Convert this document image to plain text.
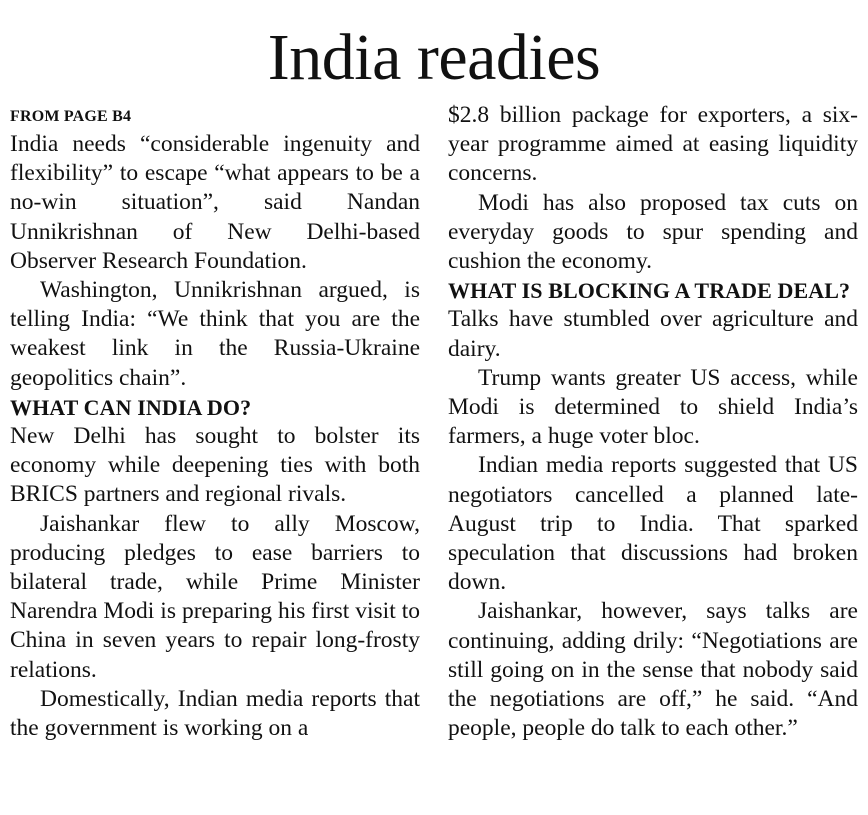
India readies
FROM PAGE B4

India needs “considerable ingenuity and flexibility” to escape “what appears to be a no-win situation”, said Nandan Unnikrishnan of New Delhi-based Observer Research Foundation.

Washington, Unnikrishnan argued, is telling India: “We think that you are the weakest link in the Russia-Ukraine geopolitics chain”.

WHAT CAN INDIA DO?

New Delhi has sought to bolster its economy while deepening ties with both BRICS partners and regional rivals.

Jaishankar flew to ally Moscow, producing pledges to ease barriers to bilateral trade, while Prime Minister Narendra Modi is preparing his first visit to China in seven years to repair long-frosty relations.

Domestically, Indian media reports that the government is working on a

$2.8 billion package for exporters, a six-year programme aimed at easing liquidity concerns.

Modi has also proposed tax cuts on everyday goods to spur spending and cushion the economy.

WHAT IS BLOCKING A TRADE DEAL?

Talks have stumbled over agriculture and dairy.

Trump wants greater US access, while Modi is determined to shield India’s farmers, a huge voter bloc.

Indian media reports suggested that US negotiators cancelled a planned late-August trip to India. That sparked speculation that discussions had broken down.

Jaishankar, however, says talks are continuing, adding drily: “Negotiations are still going on in the sense that nobody said the negotiations are off,” he said. “And people, people do talk to each other.”
